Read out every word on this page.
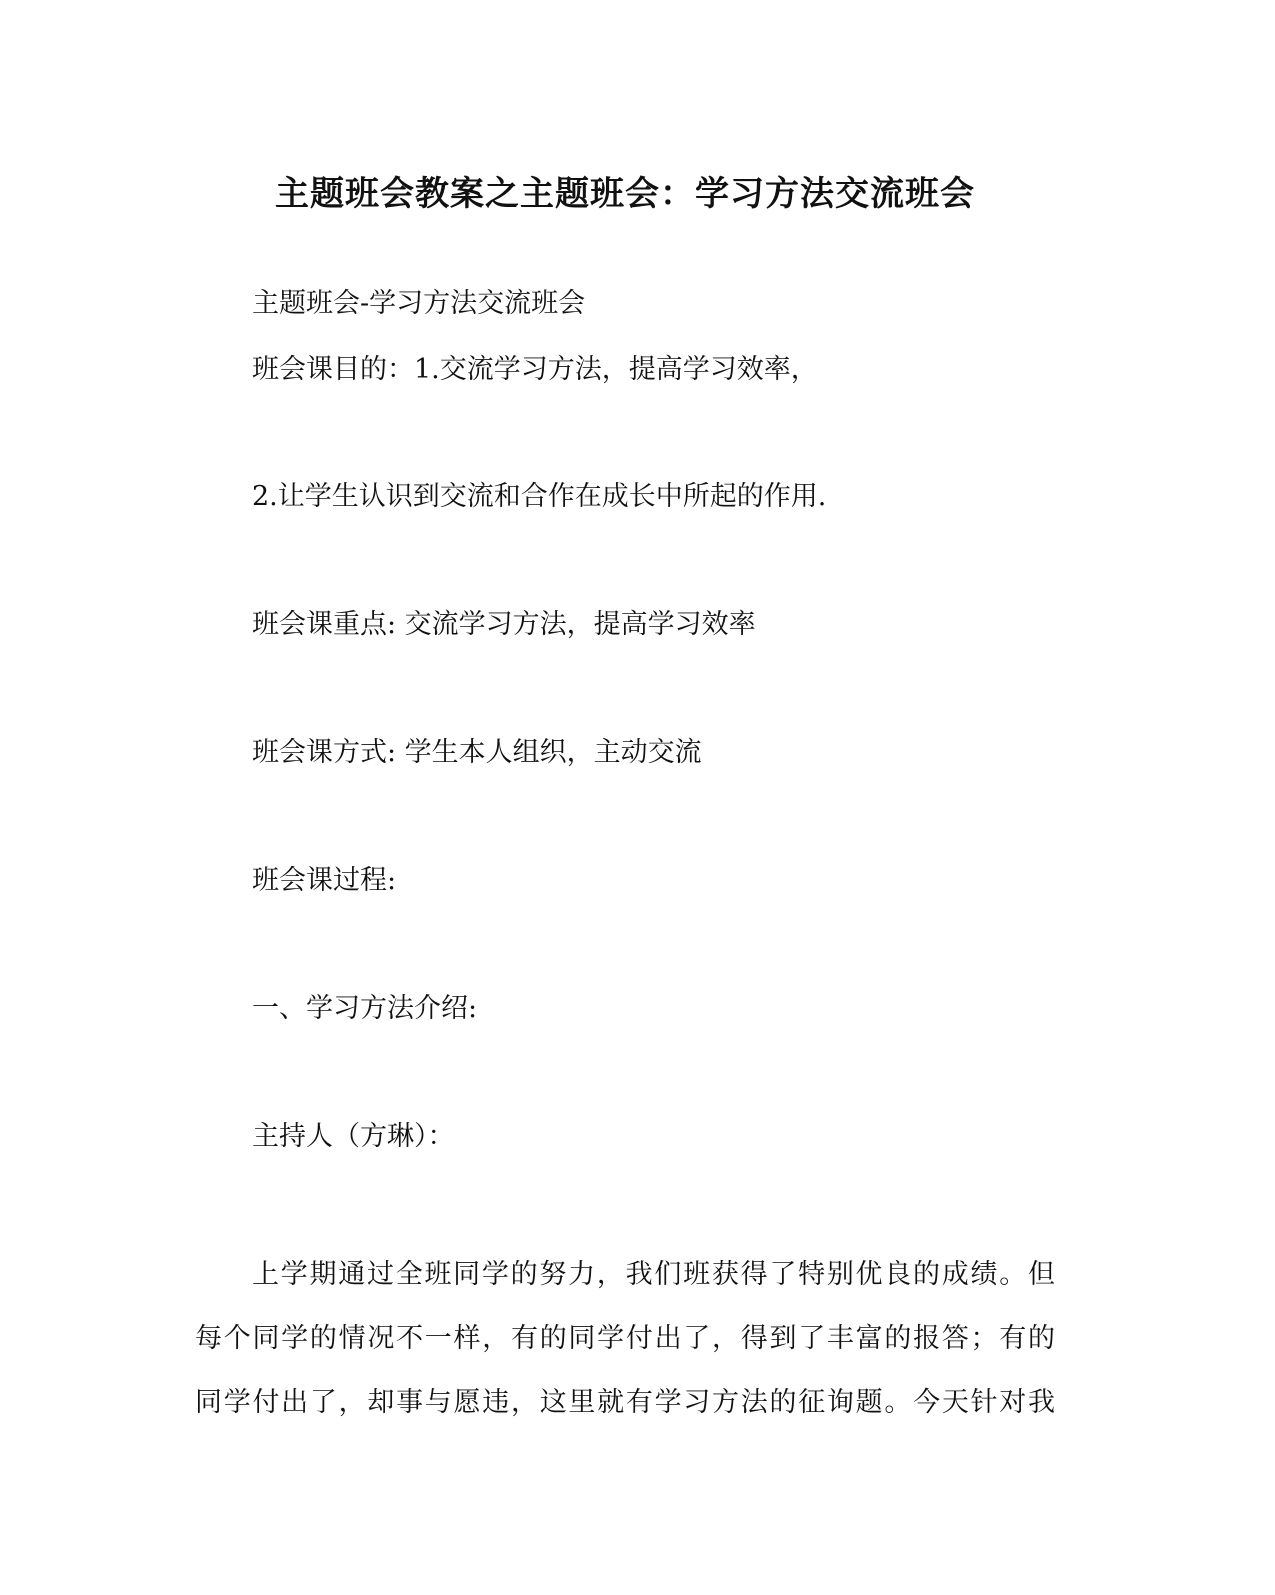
主题班会教案之主题班会：学习方法交流班会
主题班会-学习方法交流班会
班会课目的：1.交流学习方法，提高学习效率，
2.让学生认识到交流和合作在成长中所起的作用.
班会课重点: 交流学习方法，提高学习效率
班会课方式: 学生本人组织，主动交流
班会课过程:
一、学习方法介绍:
主持人（方琳）：
上学期通过全班同学的努力，我们班获得了特别优良的成绩。但
每个同学的情况不一样，有的同学付出了，得到了丰富的报答；有的
同学付出了，却事与愿违，这里就有学习方法的征询题。今天针对我
